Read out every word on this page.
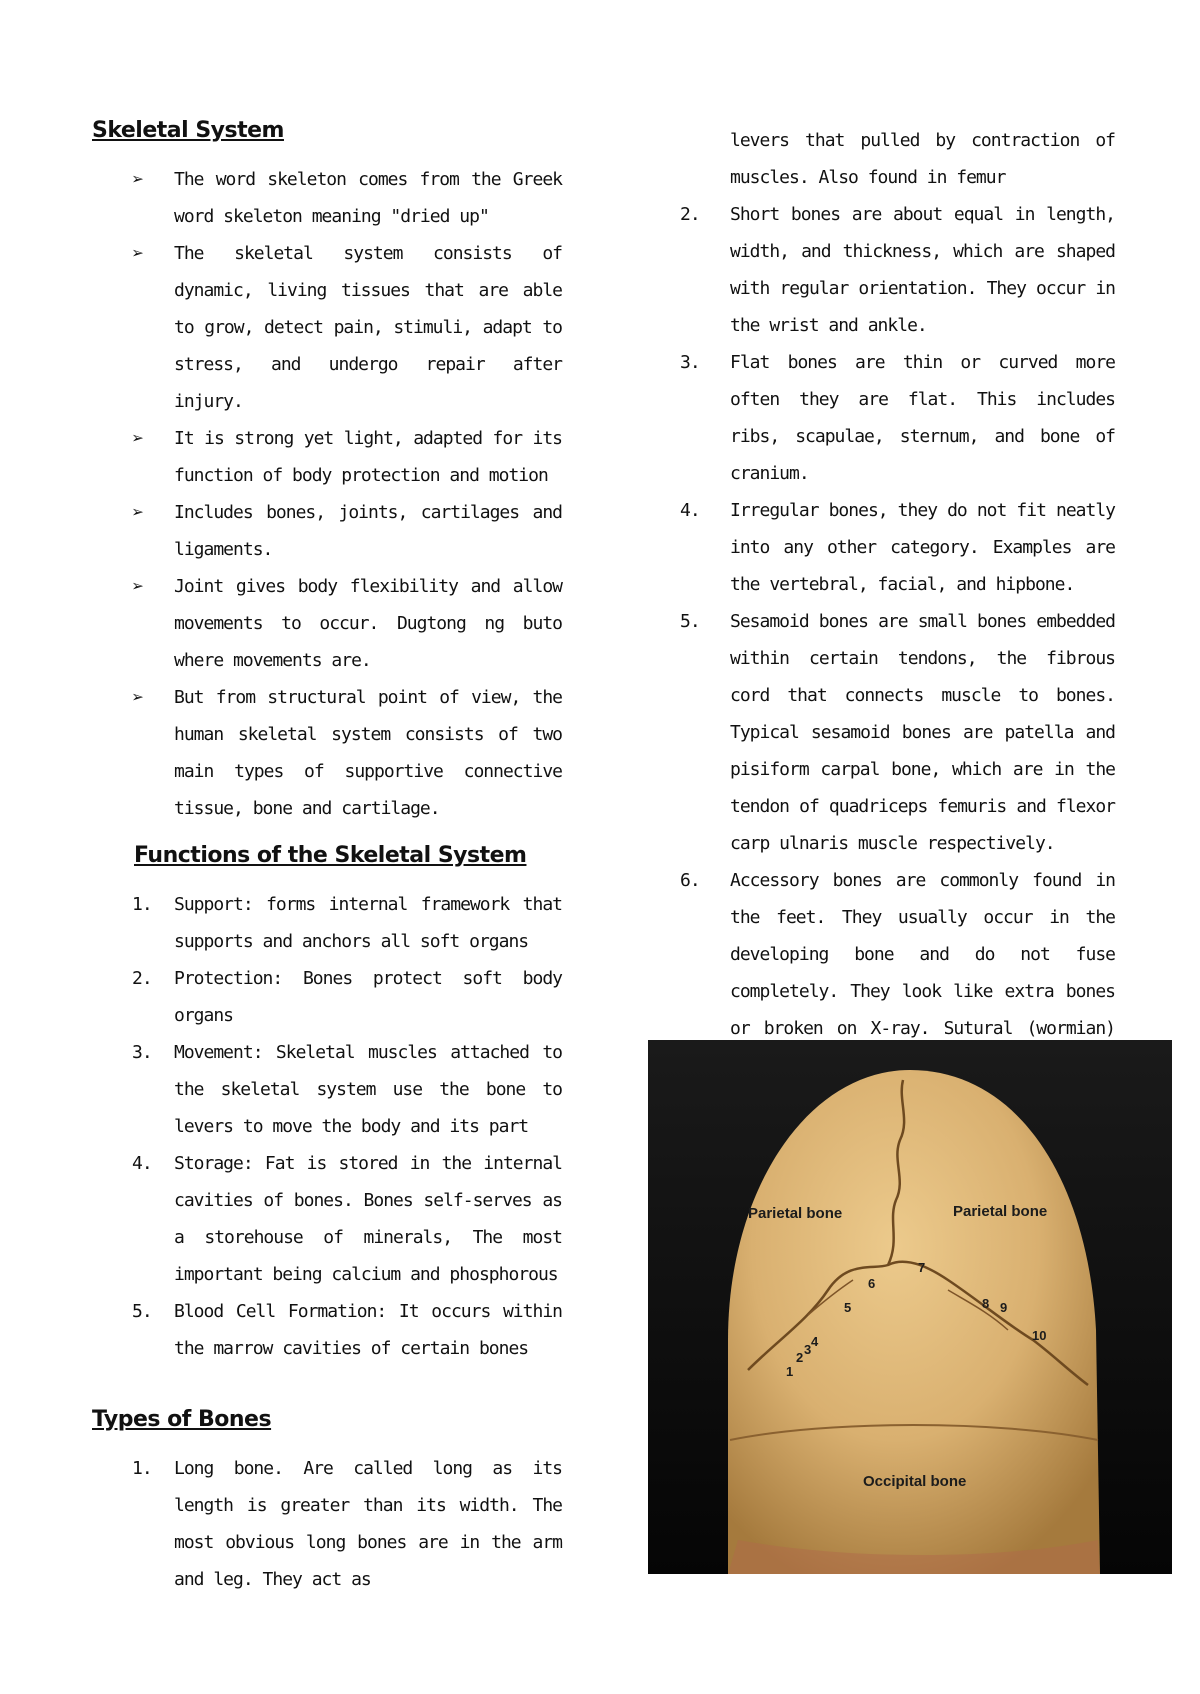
Skeletal System
➢ The word skeleton comes from the Greek word skeleton meaning "dried up"
➢ The skeletal system consists of dynamic, living tissues that are able to grow, detect pain, stimuli, adapt to stress, and undergo repair after injury.
➢ It is strong yet light, adapted for its function of body protection and motion
➢ Includes bones, joints, cartilages and ligaments.
➢ Joint gives body flexibility and allow movements to occur. Dugtong ng buto where movements are.
➢ But from structural point of view, the human skeletal system consists of two main types of supportive connective tissue, bone and cartilage.
Functions of the Skeletal System
1. Support: forms internal framework that supports and anchors all soft organs
2. Protection: Bones protect soft body organs
3. Movement: Skeletal muscles attached to the skeletal system use the bone to levers to move the body and its part
4. Storage: Fat is stored in the internal cavities of bones. Bones self-serves as a storehouse of minerals, The most important being calcium and phosphorous
5. Blood Cell Formation: It occurs within the marrow cavities of certain bones
Types of Bones
1. Long bone. Are called long as its length is greater than its width. The most obvious long bones are in the arm and leg. They act as
levers that pulled by contraction of muscles. Also found in femur
2. Short bones are about equal in length, width, and thickness, which are shaped with regular orientation. They occur in the wrist and ankle.
3. Flat bones are thin or curved more often they are flat. This includes ribs, scapulae, sternum, and bone of cranium.
4. Irregular bones, they do not fit neatly into any other category. Examples are the vertebral, facial, and hipbone.
5. Sesamoid bones are small bones embedded within certain tendons, the fibrous cord that connects muscle to bones. Typical sesamoid bones are patella and pisiform carpal bone, which are in the tendon of quadriceps femuris and flexor carp ulnaris muscle respectively.
6. Accessory bones are commonly found in the feet. They usually occur in the developing bone and do not fuse completely. They look like extra bones or broken on X-ray. Sutural (wormian)
Parietal bone	Parietal bone
Occipital bone
1
2
3
4
5
6
7
8 9
10
